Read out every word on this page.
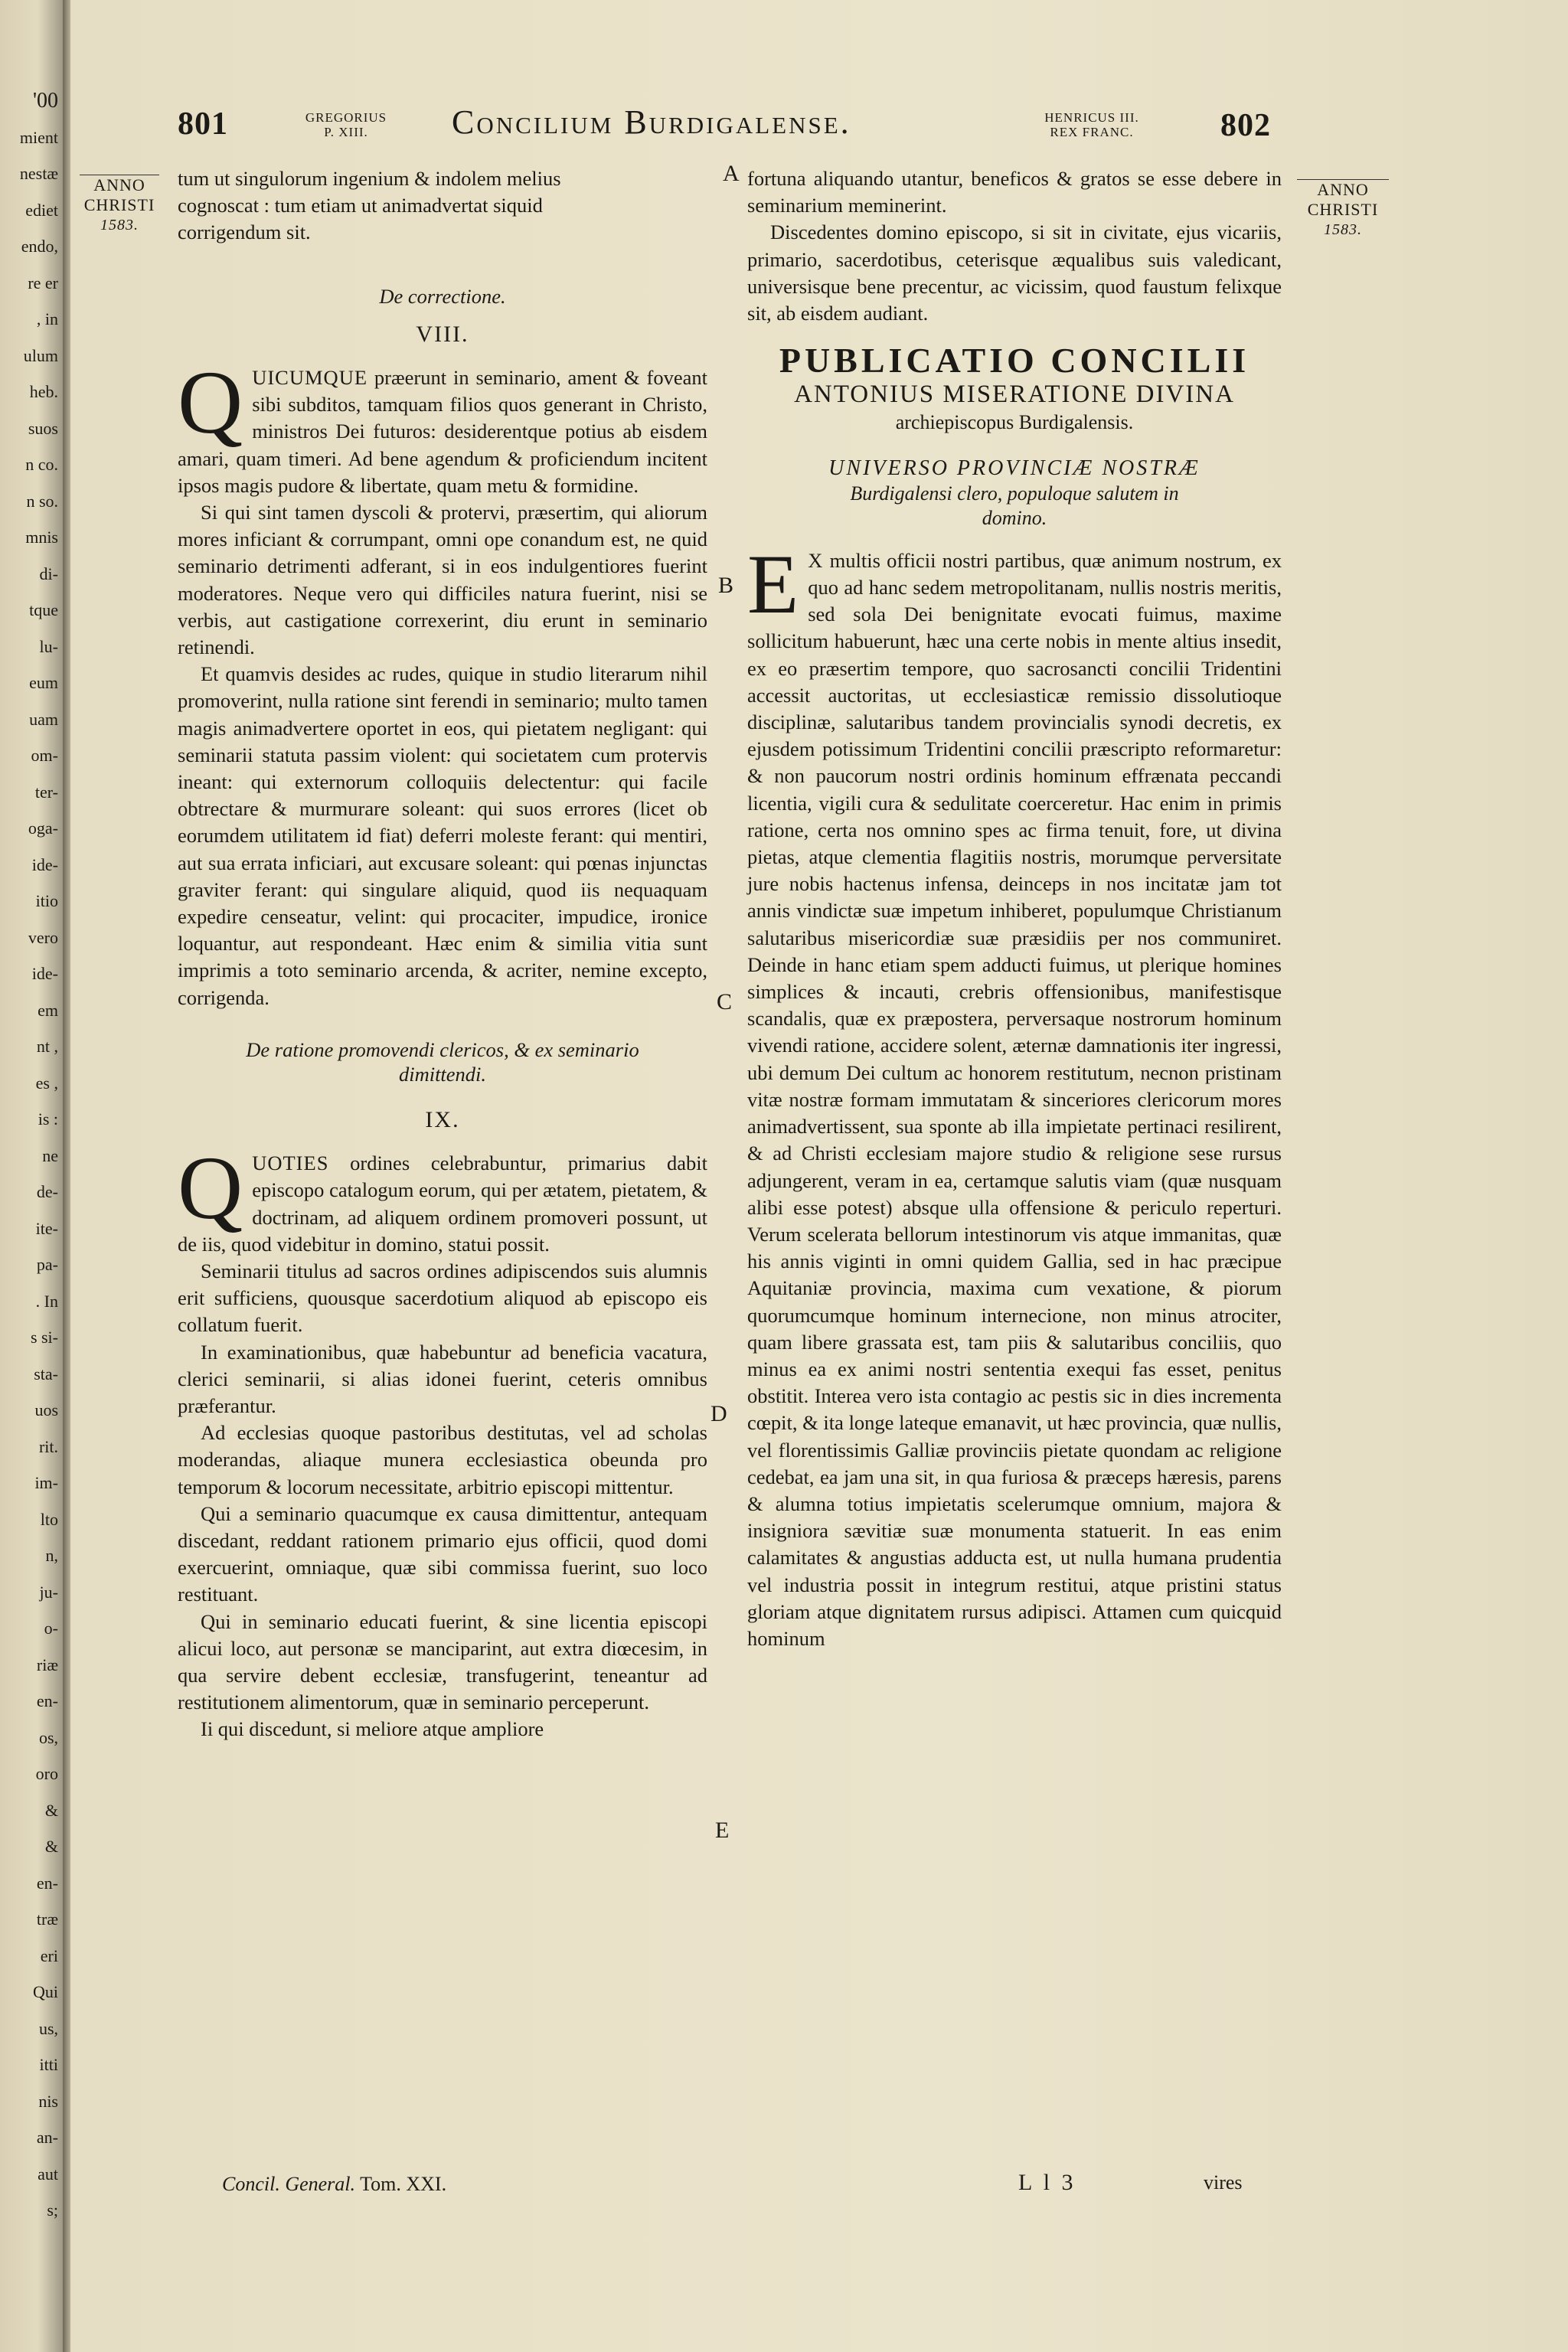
'00
mient
nestæ
ediet
endo,
re er
, in
ulum
heb.
suos
n co.
n so.
mnis
di-
tque
lu-
eum
uam
om-
ter-
oga-
ide-
itio
vero
ide-
em
nt ,
es ,
is :
ne
de-
ite-
pa-
. In
s si-
sta-
uos
rit.
im-
lto
n,
ju-
o-
riæ
en-
os,
oro
&
&
en-
træ
eri
Qui
us,
itti
nis
an-
aut
s;
801	GREGORIUS
P. XIII.	Concilium Burdigalense.	HENRICUS III.
REX FRANC.	802
ANNO
CHRISTI
1583.
ANNO
CHRISTI
1583.

tum ut singulorum ingenium & indolem melius

cognoscat : tum etiam ut animadvertat siquid

corrigendum sit.

De correctione.
VIII.

QUICUMQUE præerunt in seminario, ament & foveant sibi subditos, tamquam filios quos generant in Christo, ministros Dei futuros: desiderentque potius ab eisdem amari, quam timeri. Ad bene agendum & proficiendum incitent ipsos magis pudore & libertate, quam metu & formidine.

Si qui sint tamen dyscoli & protervi, præsertim, qui aliorum mores inficiant & corrumpant, omni ope conandum est, ne quid seminario detrimenti adferant, si in eos indulgentiores fuerint moderatores. Neque vero qui difficiles natura fuerint, nisi se verbis, aut castigatione correxerint, diu erunt in seminario retinendi.

Et quamvis desides ac rudes, quique in studio literarum nihil promoverint, nulla ratione sint ferendi in seminario; multo tamen magis animadvertere oportet in eos, qui pietatem negligant: qui seminarii statuta passim violent: qui societatem cum protervis ineant: qui externorum colloquiis delectentur: qui facile obtrectare & murmurare soleant: qui suos errores (licet ob eorumdem utilitatem id fiat) deferri moleste ferant: qui mentiri, aut sua errata inficiari, aut excusare soleant: qui pœnas injunctas graviter ferant: qui singulare aliquid, quod iis nequaquam expedire censeatur, velint: qui procaciter, impudice, ironice loquantur, aut respondeant. Hæc enim & similia vitia sunt imprimis a toto seminario arcenda, & acriter, nemine excepto, corrigenda.

De ratione promovendi clericos, & ex seminario
dimittendi.
IX.

QUOTIES ordines celebrabuntur, primarius dabit episcopo catalogum eorum, qui per ætatem, pietatem, & doctrinam, ad aliquem ordinem promoveri possunt, ut de iis, quod videbitur in domino, statui possit.

Seminarii titulus ad sacros ordines adipiscendos suis alumnis erit sufficiens, quousque sacerdotium aliquod ab episcopo eis collatum fuerit.

In examinationibus, quæ habebuntur ad beneficia vacatura, clerici seminarii, si alias idonei fuerint, ceteris omnibus præferantur.

Ad ecclesias quoque pastoribus destitutas, vel ad scholas moderandas, aliaque munera ecclesiastica obeunda pro temporum & locorum necessitate, arbitrio episcopi mittentur.

Qui a seminario quacumque ex causa dimittentur, antequam discedant, reddant rationem primario ejus officii, quod domi exercuerint, omniaque, quæ sibi commissa fuerint, suo loco restituant.

Qui in seminario educati fuerint, & sine licentia episcopi alicui loco, aut personæ se manciparint, aut extra diœcesim, in qua servire debent ecclesiæ, transfugerint, teneantur ad restitutionem alimentorum, quæ in seminario perceperunt.

Ii qui discedunt, si meliore atque ampliore

A
B
C
D
E

fortuna aliquando utantur, beneficos & gratos se esse debere in seminarium meminerint.

Discedentes domino episcopo, si sit in civitate, ejus vicariis, primario, sacerdotibus, ceterisque æqualibus suis valedicant, universisque bene precentur, ac vicissim, quod faustum felixque sit, ab eisdem audiant.

PUBLICATIO CONCILII
ANTONIUS MISERATIONE DIVINA
archiepiscopus Burdigalensis.
UNIVERSO PROVINCIÆ NOSTRÆ
Burdigalensi clero, populoque salutem in
domino.

E X multis officii nostri partibus, quæ animum nostrum, ex quo ad hanc sedem metropolitanam, nullis nostris meritis, sed sola Dei benignitate evocati fuimus, maxime sollicitum habuerunt, hæc una certe nobis in mente altius insedit, ex eo præsertim tempore, quo sacrosancti concilii Tridentini accessit auctoritas, ut ecclesiasticæ remissio dissolutioque disciplinæ, salutaribus tandem provincialis synodi decretis, ex ejusdem potissimum Tridentini concilii præscripto reformaretur: & non paucorum nostri ordinis hominum effrænata peccandi licentia, vigili cura & sedulitate coerceretur. Hac enim in primis ratione, certa nos omnino spes ac firma tenuit, fore, ut divina pietas, atque clementia flagitiis nostris, morumque perversitate jure nobis hactenus infensa, deinceps in nos incitatæ jam tot annis vindictæ suæ impetum inhiberet, populumque Christianum salutaribus misericordiæ suæ præsidiis per nos communiret. Deinde in hanc etiam spem adducti fuimus, ut plerique homines simplices & incauti, crebris offensionibus, manifestisque scandalis, quæ ex præpostera, perversaque nostrorum hominum vivendi ratione, accidere solent, æternæ damnationis iter ingressi, ubi demum Dei cultum ac honorem restitutum, necnon pristinam vitæ nostræ formam immutatam & sinceriores clericorum mores animadvertissent, sua sponte ab illa impietate pertinaci resilirent, & ad Christi ecclesiam majore studio & religione sese rursus adjungerent, veram in ea, certamque salutis viam (quæ nusquam alibi esse potest) absque ulla offensione & periculo reperturi. Verum scelerata bellorum intestinorum vis atque immanitas, quæ his annis viginti in omni quidem Gallia, sed in hac præcipue Aquitaniæ provincia, maxima cum vexatione, & piorum quorumcumque hominum internecione, non minus atrociter, quam libere grassata est, tam piis & salutaribus conciliis, quo minus ea ex animi nostri sententia exequi fas esset, penitus obstitit. Interea vero ista contagio ac pestis sic in dies incrementa cœpit, & ita longe lateque emanavit, ut hæc provincia, quæ nullis, vel florentissimis Galliæ provinciis pietate quondam ac religione cedebat, ea jam una sit, in qua furiosa & præceps hæresis, parens & alumna totius impietatis scelerumque omnium, majora & insigniora sævitiæ suæ monumenta statuerit. In eas enim calamitates & angustias adducta est, ut nulla humana prudentia vel industria possit in integrum restitui, atque pristini status gloriam atque dignitatem rursus adipisci. Attamen cum quicquid hominum

Concil. General. Tom. XXI.	L l 3	vires
